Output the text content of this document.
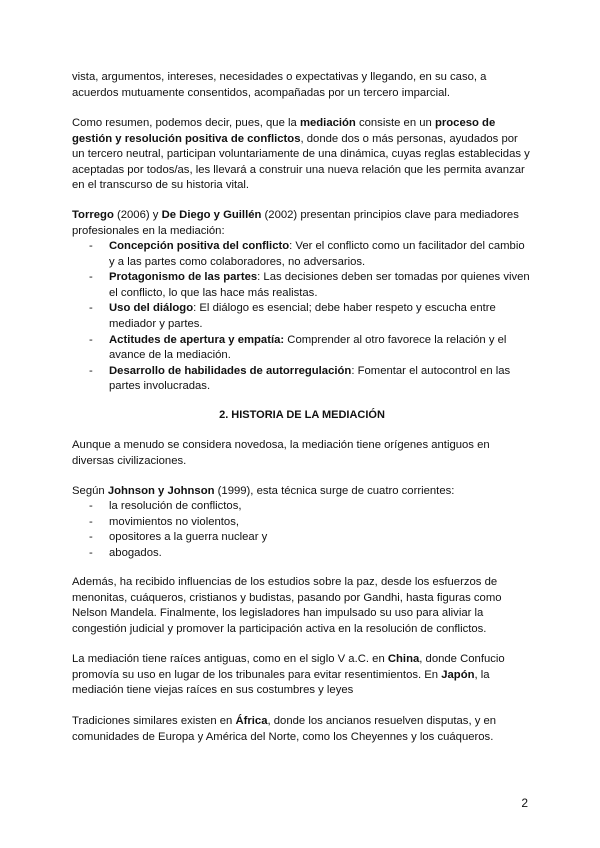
vista, argumentos, intereses, necesidades o expectativas y llegando, en su caso, a acuerdos mutuamente consentidos, acompañadas por un tercero imparcial.

Como resumen, podemos decir, pues, que la mediación consiste en un proceso de gestión y resolución positiva de conflictos, donde dos o más personas, ayudados por un tercero neutral, participan voluntariamente de una dinámica, cuyas reglas establecidas y aceptadas por todos/as, les llevará a construir una nueva relación que les permita avanzar en el transcurso de su historia vital.

Torrego (2006) y De Diego y Guillén (2002) presentan principios clave para mediadores profesionales en la mediación:

- Concepción positiva del conflicto: Ver el conflicto como un facilitador del cambio y a las partes como colaboradores, no adversarios.
- Protagonismo de las partes: Las decisiones deben ser tomadas por quienes viven el conflicto, lo que las hace más realistas.
- Uso del diálogo: El diálogo es esencial; debe haber respeto y escucha entre mediador y partes.
- Actitudes de apertura y empatía: Comprender al otro favorece la relación y el avance de la mediación.
- Desarrollo de habilidades de autorregulación: Fomentar el autocontrol en las partes involucradas.
2. HISTORIA DE LA MEDIACIÓN

Aunque a menudo se considera novedosa, la mediación tiene orígenes antiguos en diversas civilizaciones.

Según Johnson y Johnson (1999), esta técnica surge de cuatro corrientes:

- la resolución de conflictos,
- movimientos no violentos,
- opositores a la guerra nuclear y
- abogados.

Además, ha recibido influencias de los estudios sobre la paz, desde los esfuerzos de menonitas, cuáqueros, cristianos y budistas, pasando por Gandhi, hasta figuras como Nelson Mandela. Finalmente, los legisladores han impulsado su uso para aliviar la congestión judicial y promover la participación activa en la resolución de conflictos.

La mediación tiene raíces antiguas, como en el siglo V a.C. en China, donde Confucio promovía su uso en lugar de los tribunales para evitar resentimientos. En Japón, la mediación tiene viejas raíces en sus costumbres y leyes

Tradiciones similares existen en África, donde los ancianos resuelven disputas, y en comunidades de Europa y América del Norte, como los Cheyennes y los cuáqueros.

2
